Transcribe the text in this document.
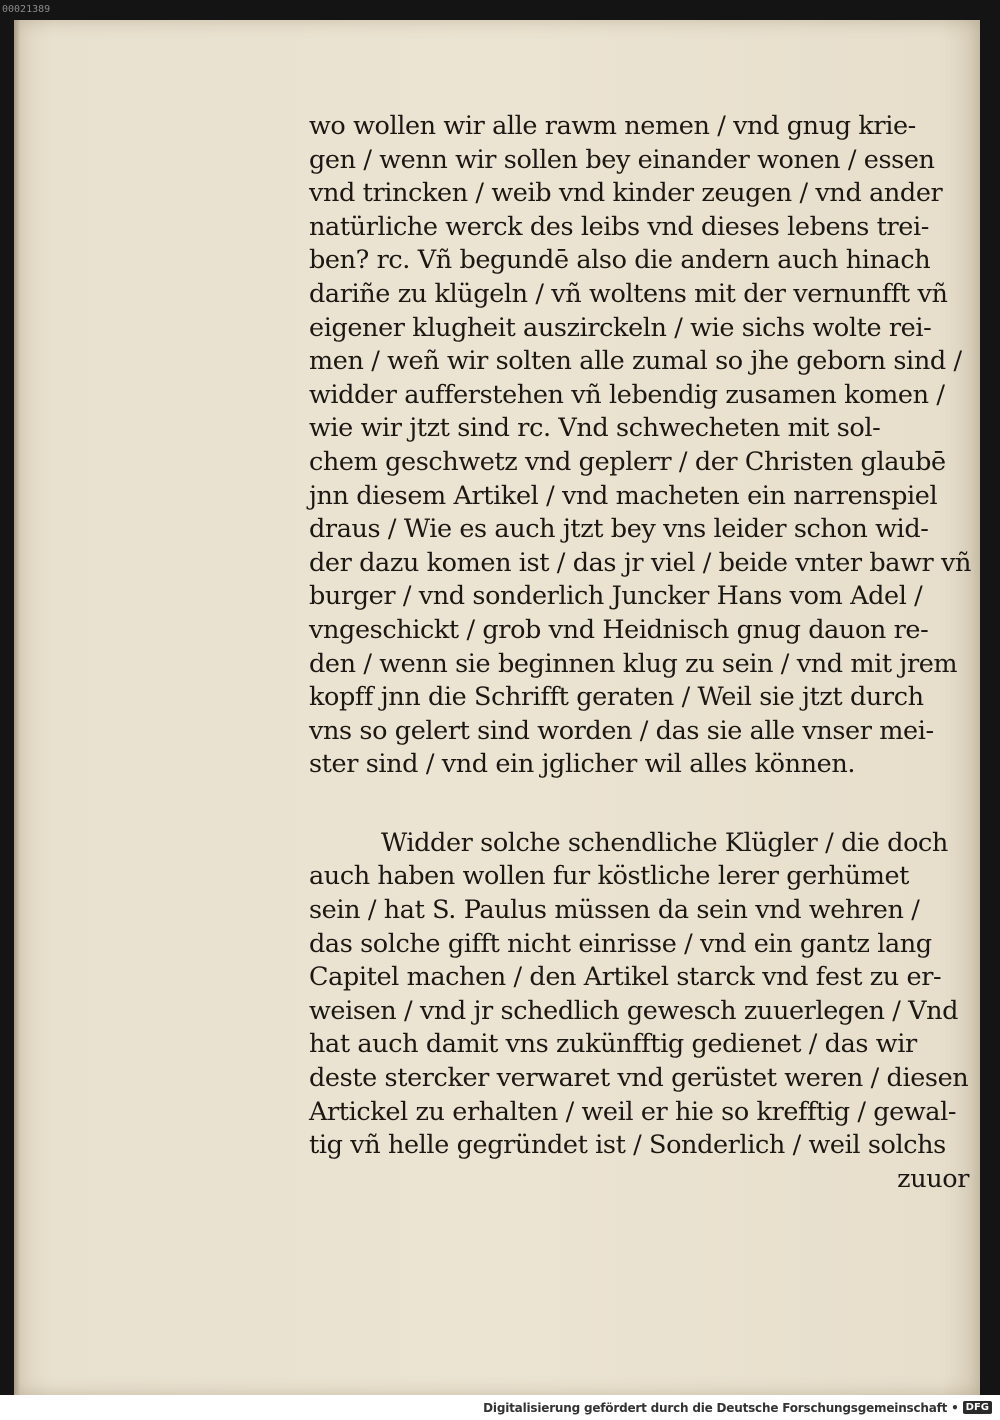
00021389
wo wollen wir alle rawm nemen / vnd gnug krie-
gen / wenn wir sollen bey einander wonen / essen
vnd trincken / weib vnd kinder zeugen / vnd ander
natürliche werck des leibs vnd dieses lebens trei-
ben? rc. Vñ begundē also die andern auch hinach
dariñe zu klügeln / vñ woltens mit der vernunfft vñ
eigener klugheit auszirckeln / wie sichs wolte rei-
men / weñ wir solten alle zumal so jhe geborn sind /
widder aufferstehen vñ lebendig zusamen komen /
wie wir jtzt sind rc. Vnd schwecheten mit sol-
chem geschwetz vnd geplerr / der Christen glaubē
jnn diesem Artikel / vnd macheten ein narrenspiel
draus / Wie es auch jtzt bey vns leider schon wid-
der dazu komen ist / das jr viel / beide vnter bawr vñ
burger / vnd sonderlich Juncker Hans vom Adel /
vngeschickt / grob vnd Heidnisch gnug dauon re-
den / wenn sie beginnen klug zu sein / vnd mit jrem
kopff jnn die Schrifft geraten / Weil sie jtzt durch
vns so gelert sind worden / das sie alle vnser mei-
ster sind / vnd ein jglicher wil alles können.
Widder solche schendliche Klügler / die doch
auch haben wollen fur köstliche lerer gerhümet
sein / hat S. Paulus müssen da sein vnd wehren /
das solche gifft nicht einrisse / vnd ein gantz lang
Capitel machen / den Artikel starck vnd fest zu er-
weisen / vnd jr schedlich gewesch zuuerlegen / Vnd
hat auch damit vns zukünfftig gedienet / das wir
deste stercker verwaret vnd gerüstet weren / diesen
Artickel zu erhalten / weil er hie so krefftig / gewal-
tig vñ helle gegründet ist / Sonderlich / weil solchs
zuuor
Digitalisierung gefördert durch die Deutsche Forschungsgemeinschaft • DFG
